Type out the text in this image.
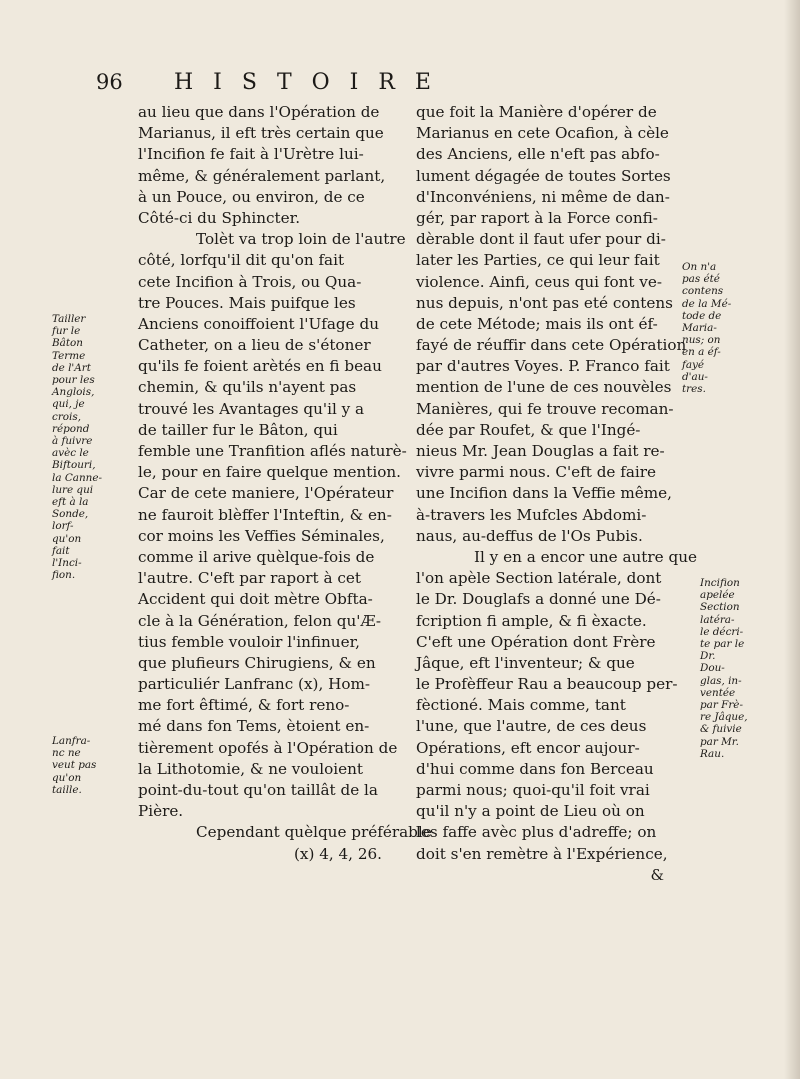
96 HISTOIRE
au lieu que dans l'Opération de
Marianus, il eft très certain que
l'Incifion fe fait à l'Urètre lui-
même, & généralement parlant,
à un Pouce, ou environ, de ce
Côté-ci du Sphincter.
Tolèt va trop loin de l'autre
côté, lorfqu'il dit qu'on fait
cete Incifion à Trois, ou Qua-
tre Pouces. Mais puifque les
Anciens conoiffoient l'Ufage du
Catheter, on a lieu de s'étoner
qu'ils fe foient arètés en fi beau
chemin, & qu'ils n'ayent pas
trouvé les Avantages qu'il y a
de tailler fur le Bâton, qui
femble une Tranfition aflés naturè-
le, pour en faire quelque mention.
Car de cete maniere, l'Opérateur
ne fauroit blèffer l'Inteftin, & en-
cor moins les Veffies Séminales,
comme il arive quèlque-fois de
l'autre. C'eft par raport à cet
Accident qui doit mètre Obfta-
cle à la Génération, felon qu'Æ-
tius femble vouloir l'infinuer,
que plufieurs Chirugiens, & en
particuliér Lanfranc (x), Hom-
me fort êftimé, & fort reno-
mé dans fon Tems, ètoient en-
tièrement opofés à l'Opération de
la Lithotomie, & ne vouloient
point-du-tout qu'on taillât de la
Pière.
Cependant quèlque préférable
(x) 4, 4, 26.
que foit la Manière d'opérer de
Marianus en cete Ocafion, à cèle
des Anciens, elle n'eft pas abfo-
lument dégagée de toutes Sortes
d'Inconvéniens, ni même de dan-
gér, par raport à la Force confi-
dèrable dont il faut ufer pour di-
later les Parties, ce qui leur fait
violence. Ainfi, ceus qui font ve-
nus depuis, n'ont pas eté contens
de cete Métode; mais ils ont éf-
fayé de réuffir dans cete Opération
par d'autres Voyes. P. Franco fait
mention de l'une de ces nouvèles
Manières, qui fe trouve recoman-
dée par Roufet, & que l'Ingé-
nieus Mr. Jean Douglas a fait re-
vivre parmi nous. C'eft de faire
une Incifion dans la Veffie même,
à-travers les Mufcles Abdomi-
naus, au-deffus de l'Os Pubis.
Il y en a encor une autre que
l'on apèle Section latérale, dont
le Dr. Douglafs a donné une Dé-
fcription fi ample, & fi èxacte.
C'eft une Opération dont Frère
Jâque, eft l'inventeur; & que
le Profèffeur Rau a beaucoup per-
fèctioné. Mais comme, tant
l'une, que l'autre, de ces deus
Opérations, eft encor aujour-
d'hui comme dans fon Berceau
parmi nous; quoi-qu'il foit vrai
qu'il n'y a point de Lieu où on
les faffe avèc plus d'adreffe; on
doit s'en remètre à l'Expérience,
&
Tailler
fur le
Bâton
Terme
de l'Art
pour les
Anglois,
qui, je
crois,
répond
à fuivre
avèc le
Biftouri,
la Canne-
lure qui
eft à la
Sonde,
lorf-
qu'on
fait
l'Inci-
fion.
Lanfra-
nc ne
veut pas
qu'on
taille.
On n'a
pas été
contens
de la Mé-
tode de
Maria-
nus; on
en a éf-
fayé
d'au-
tres.
Incifion
apelée
Section
latéra-
le décri-
te par le
Dr.
Dou-
glas, in-
ventée
par Frè-
re Jâque,
& fuivie
par Mr.
Rau.
